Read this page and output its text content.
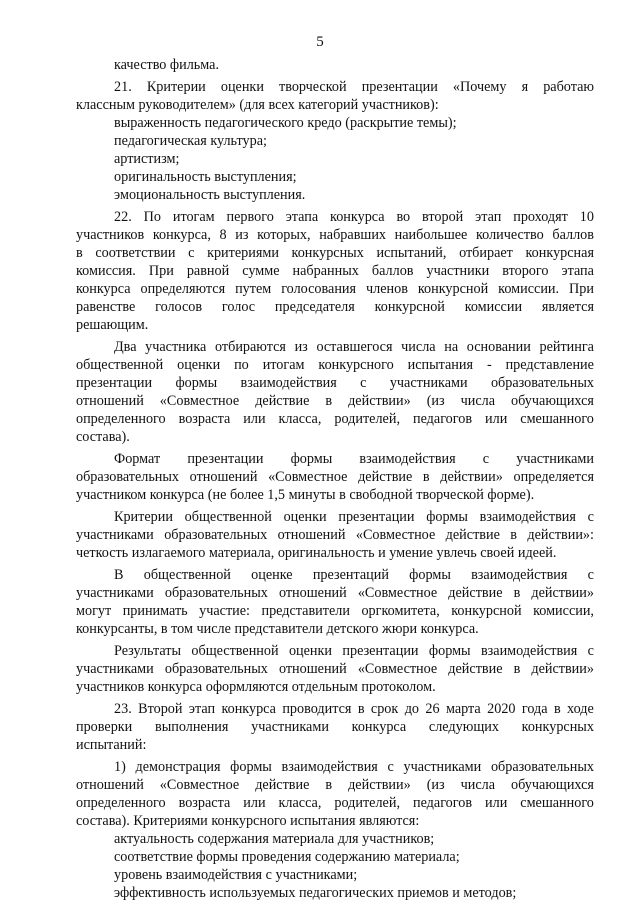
5
качество фильма.
21. Критерии оценки творческой презентации «Почему я работаю
классным руководителем» (для всех категорий участников):
выраженность педагогического кредо (раскрытие темы);
педагогическая культура;
артистизм;
оригинальность выступления;
эмоциональность выступления.
22. По итогам первого этапа конкурса во второй этап проходят 10
участников конкурса, 8 из которых, набравших наибольшее количество баллов
в соответствии с критериями конкурсных испытаний, отбирает конкурсная
комиссия. При равной сумме набранных баллов участники второго этапа
конкурса определяются путем голосования членов конкурсной комиссии. При
равенстве голосов голос председателя конкурсной комиссии является
решающим.
Два участника отбираются из оставшегося числа на основании рейтинга
общественной оценки по итогам конкурсного испытания - представление
презентации формы взаимодействия с участниками образовательных
отношений «Совместное действие в действии» (из числа обучающихся
определенного возраста или класса, родителей, педагогов или смешанного
состава).
Формат презентации формы взаимодействия с участниками
образовательных отношений «Совместное действие в действии» определяется
участником конкурса (не более 1,5 минуты в свободной творческой форме).
Критерии общественной оценки презентации формы взаимодействия с
участниками образовательных отношений «Совместное действие в действии»:
четкость излагаемого материала, оригинальность и умение увлечь своей идеей.
В общественной оценке презентаций формы взаимодействия с
участниками образовательных отношений «Совместное действие в действии»
могут принимать участие: представители оргкомитета, конкурсной комиссии,
конкурсанты, в том числе представители детского жюри конкурса.
Результаты общественной оценки презентации формы взаимодействия с
участниками образовательных отношений «Совместное действие в действии»
участников конкурса оформляются отдельным протоколом.
23. Второй этап конкурса проводится в срок до 26 марта 2020 года в ходе
проверки выполнения участниками конкурса следующих конкурсных
испытаний:
1) демонстрация формы взаимодействия с участниками образовательных
отношений «Совместное действие в действии» (из числа обучающихся
определенного возраста или класса, родителей, педагогов или смешанного
состава). Критериями конкурсного испытания являются:
актуальность содержания материала для участников;
соответствие формы проведения содержанию материала;
уровень взаимодействия с участниками;
эффективность используемых педагогических приемов и методов;
